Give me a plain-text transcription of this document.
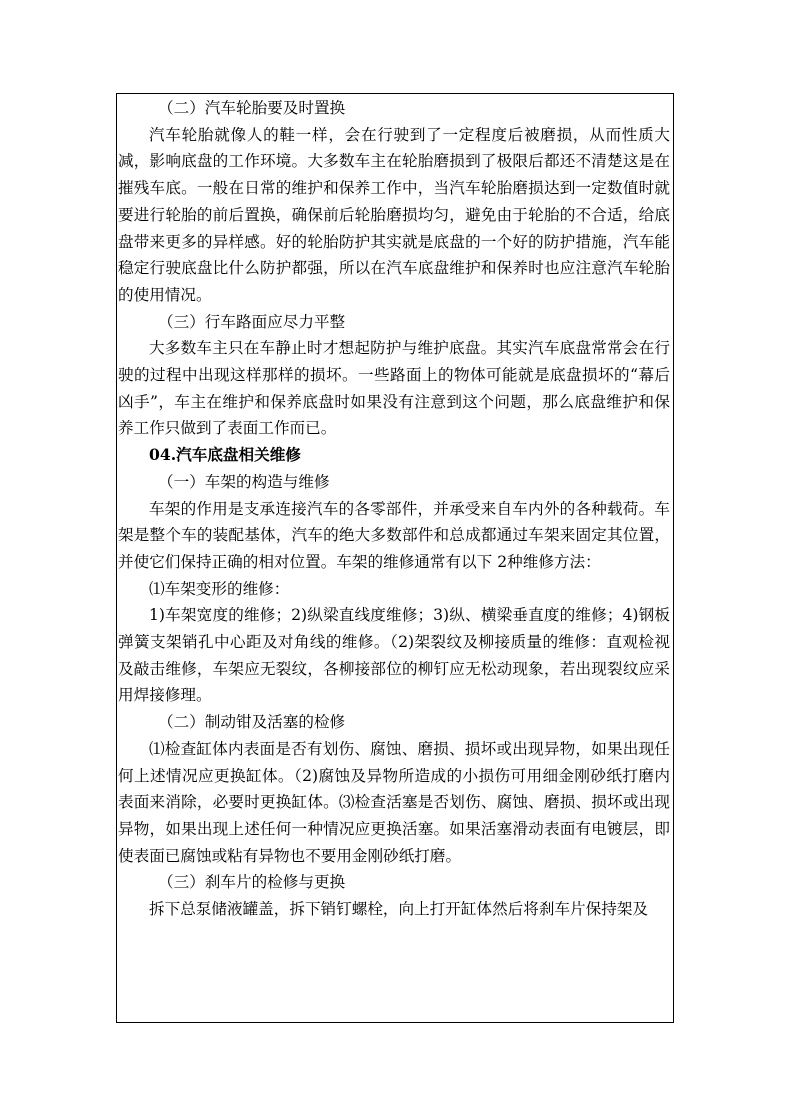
（二）汽车轮胎要及时置换

汽车轮胎就像人的鞋一样，会在行驶到了一定程度后被磨损，从而性质大减，影响底盘的工作环境。大多数车主在轮胎磨损到了极限后都还不清楚这是在摧残车底。一般在日常的维护和保养工作中，当汽车轮胎磨损达到一定数值时就要进行轮胎的前后置换，确保前后轮胎磨损均匀，避免由于轮胎的不合适，给底盘带来更多的异样感。好的轮胎防护其实就是底盘的一个好的防护措施，汽车能稳定行驶底盘比什么防护都强，所以在汽车底盘维护和保养时也应注意汽车轮胎的使用情况。

（三）行车路面应尽力平整

大多数车主只在车静止时才想起防护与维护底盘。其实汽车底盘常常会在行驶的过程中出现这样那样的损坏。一些路面上的物体可能就是底盘损坏的“幕后凶手”，车主在维护和保养底盘时如果没有注意到这个问题，那么底盘维护和保养工作只做到了表面工作而已。

04.汽车底盘相关维修

（一）车架的构造与维修

车架的作用是支承连接汽车的各零部件，并承受来自车内外的各种载荷。车架是整个车的装配基体，汽车的绝大多数部件和总成都通过车架来固定其位置，并使它们保持正确的相对位置。车架的维修通常有以下 2种维修方法：

⑴车架变形的维修：

1)车架宽度的维修；2)纵梁直线度维修；3)纵、横梁垂直度的维修；4)钢板弹簧支架销孔中心距及对角线的维修。（2)架裂纹及柳接质量的维修：直观检视及敲击维修，车架应无裂纹，各柳接部位的柳钉应无松动现象，若出现裂纹应采用焊接修理。

（二）制动钳及活塞的检修

⑴检查缸体内表面是否有划伤、腐蚀、磨损、损坏或出现异物，如果出现任何上述情况应更换缸体。（2)腐蚀及异物所造成的小损伤可用细金刚砂纸打磨内表面来消除，必要时更换缸体。⑶检查活塞是否划伤、腐蚀、磨损、损坏或出现异物，如果出现上述任何一种情况应更换活塞。如果活塞滑动表面有电镀层，即使表面已腐蚀或粘有异物也不要用金刚砂纸打磨。

（三）刹车片的检修与更换

拆下总泵储液罐盖，拆下销钉螺栓，向上打开缸体然后将刹车片保持架及
